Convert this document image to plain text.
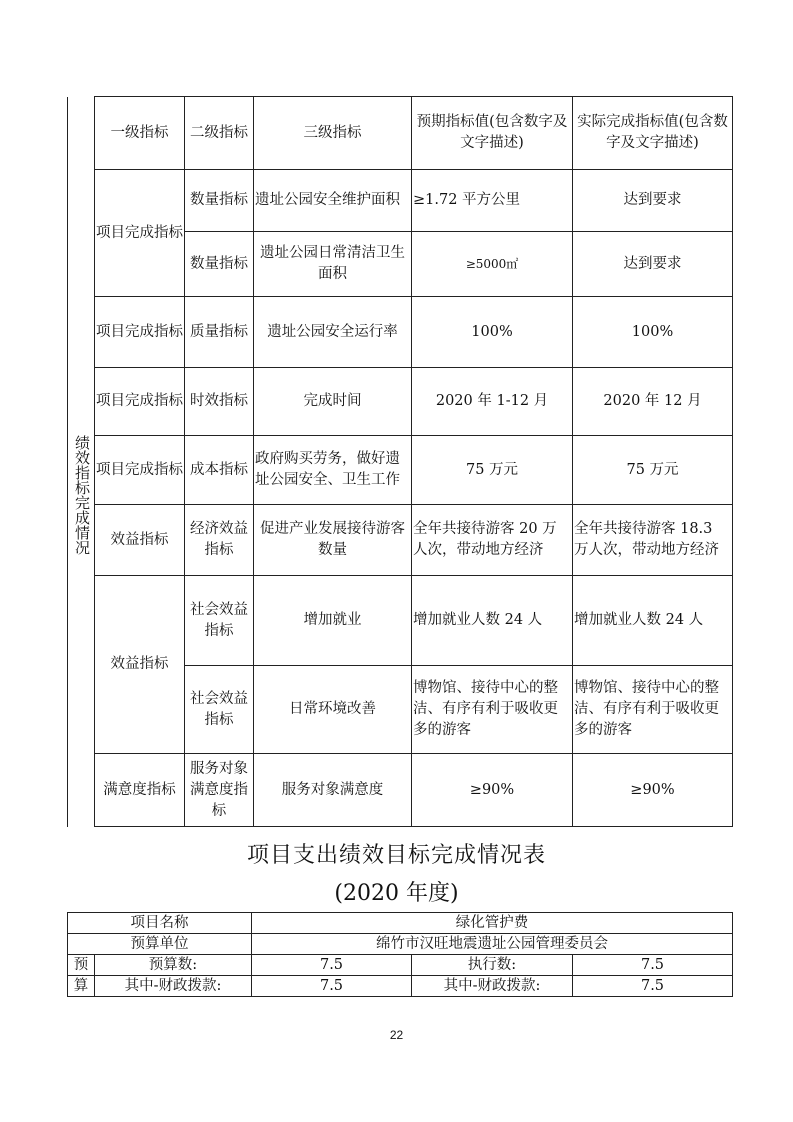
	一级指标	二级指标	三级指标	预期指标值(包含数字及文字描述)	实际完成指标值(包含数字及文字描述)
绩效指标完成情况	项目完成指标	数量指标	遗址公园安全维护面积	≥1.72 平方公里	达到要求
		数量指标	遗址公园日常清洁卫生面积	≥5000㎡	达到要求
	项目完成指标	质量指标	遗址公园安全运行率	100%	100%
	项目完成指标	时效指标	完成时间	2020 年 1-12 月	2020 年 12 月
	项目完成指标	成本指标	政府购买劳务，做好遗址公园安全、卫生工作	75 万元	75 万元
	效益指标	经济效益指标	促进产业发展接待游客数量	全年共接待游客 20 万人次，带动地方经济	全年共接待游客 18.3 万人次，带动地方经济
	效益指标	社会效益指标	增加就业	增加就业人数 24 人	增加就业人数 24 人
		社会效益指标	日常环境改善	博物馆、接待中心的整洁、有序有利于吸收更多的游客	博物馆、接待中心的整洁、有序有利于吸收更多的游客
	满意度指标	服务对象满意度指标	服务对象满意度	≥90%	≥90%
项目支出绩效目标完成情况表
(2020 年度)
项目名称		绿化管护费		
预算单位		绵竹市汉旺地震遗址公园管理委员会		
预	预算数:	7.5	执行数:	7.5
算	其中-财政拨款:	7.5	其中-财政拨款:	7.5
22
